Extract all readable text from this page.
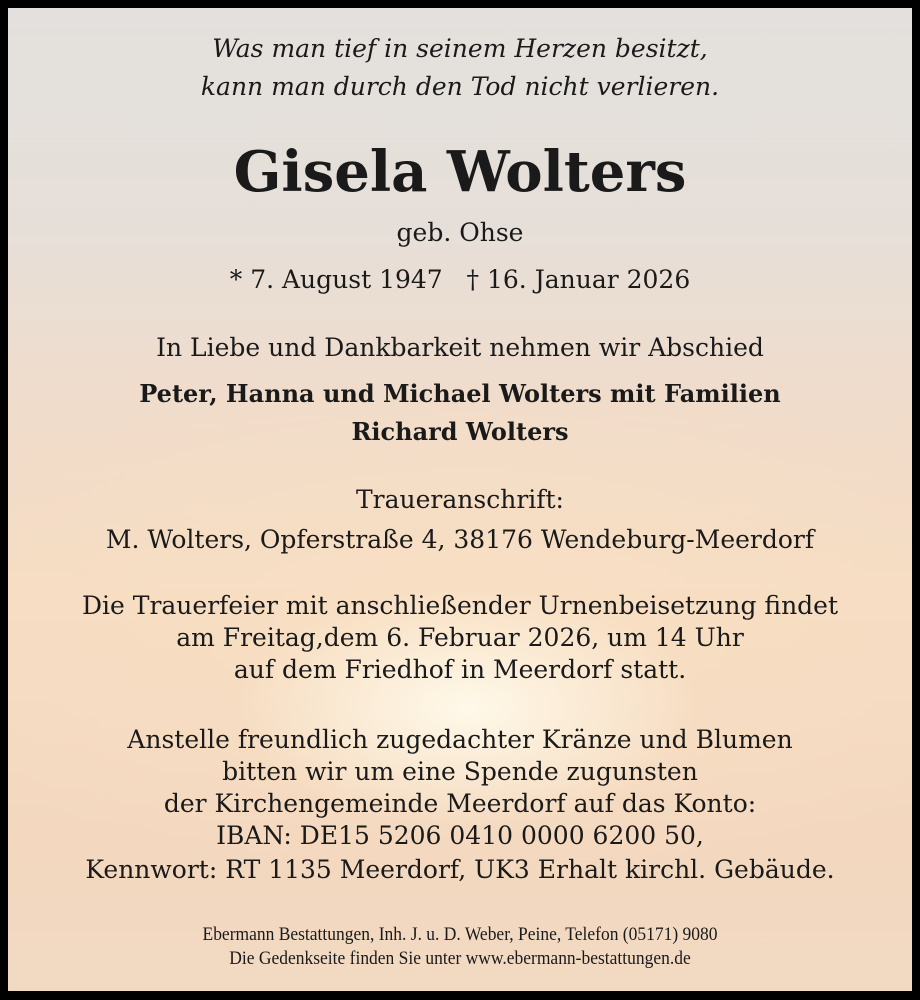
Was man tief in seinem Herzen besitzt,
kann man durch den Tod nicht verlieren.
Gisela Wolters
geb. Ohse
* 7. August 1947   † 16. Januar 2026
In Liebe und Dankbarkeit nehmen wir Abschied
Peter, Hanna und Michael Wolters mit Familien
Richard Wolters
Traueranschrift:
M. Wolters, Opferstraße 4, 38176 Wendeburg-Meerdorf
Die Trauerfeier mit anschließender Urnenbeisetzung findet
am Freitag,dem 6. Februar 2026, um 14 Uhr
auf dem Friedhof in Meerdorf statt.
Anstelle freundlich zugedachter Kränze und Blumen
bitten wir um eine Spende zugunsten
der Kirchengemeinde Meerdorf auf das Konto:
IBAN: DE15 5206 0410 0000 6200 50,
Kennwort: RT 1135 Meerdorf, UK3 Erhalt kirchl. Gebäude.
Ebermann Bestattungen, Inh. J. u. D. Weber, Peine, Telefon (05171) 9080
Die Gedenkseite finden Sie unter www.ebermann-bestattungen.de
